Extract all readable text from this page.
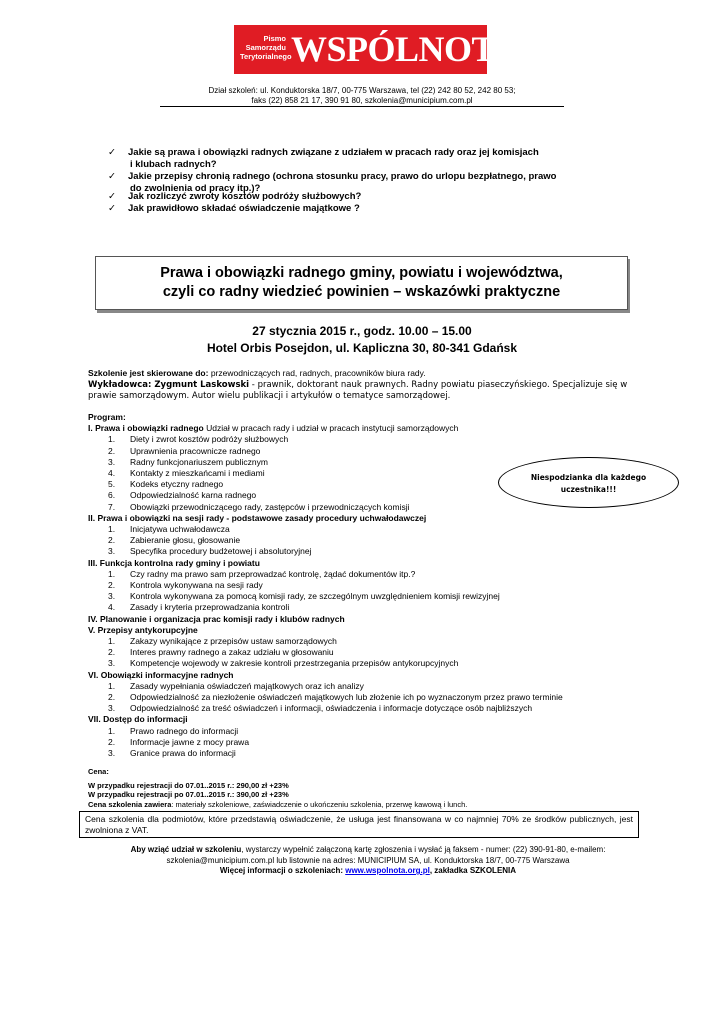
Pismo
Samorządu
Terytorialnego WSPÓLNOTA
Dział szkoleń: ul. Konduktorska 18/7, 00-775 Warszawa, tel (22) 242 80 52, 242 80 53;
faks (22) 858 21 17, 390 91 80, szkolenia@municipium.com.pl
✓ Jakie są prawa i obowiązki radnych związane z udziałem w pracach rady oraz jej komisjach
i klubach radnych?
✓ Jakie przepisy chronią radnego (ochrona stosunku pracy, prawo do urlopu bezpłatnego, prawo
do zwolnienia od pracy itp.)?
✓ Jak rozliczyć zwroty kosztów podróży służbowych?
✓ Jak prawidłowo składać oświadczenie majątkowe ?
Prawa i obowiązki radnego gminy, powiatu i województwa,
czyli co radny wiedzieć powinien – wskazówki praktyczne
27 stycznia 2015 r., godz. 10.00 – 15.00
Hotel Orbis Posejdon, ul. Kapliczna 30, 80-341 Gdańsk
Szkolenie jest skierowane do: przewodniczących rad, radnych, pracowników biura rady.
Wykładowca: Zygmunt Laskowski - prawnik, doktorant nauk prawnych. Radny powiatu piaseczyńskiego. Specjalizuje się w prawie samorządowym. Autor wielu publikacji i artykułów o tematyce samorządowej.
Program:
I. Prawa i obowiązki radnego Udział w pracach rady i udział w pracach instytucji samorządowych
1. Diety i zwrot kosztów podróży służbowych
2. Uprawnienia pracownicze radnego
3. Radny funkcjonariuszem publicznym
4. Kontakty z mieszkańcami i mediami
5. Kodeks etyczny radnego
6. Odpowiedzialność karna radnego
7. Obowiązki przewodniczącego rady, zastępców i przewodniczących komisji
II. Prawa i obowiązki na sesji rady - podstawowe zasady procedury uchwałodawczej
1. Inicjatywa uchwałodawcza
2. Zabieranie głosu, głosowanie
3. Specyfika procedury budżetowej i absolutoryjnej
III. Funkcja kontrolna rady gminy i powiatu
1. Czy radny ma prawo sam przeprowadzać kontrolę, żądać dokumentów itp.?
2. Kontrola wykonywana na sesji rady
3. Kontrola wykonywana za pomocą komisji rady, ze szczególnym uwzględnieniem komisji rewizyjnej
4. Zasady i kryteria przeprowadzania kontroli
IV. Planowanie i organizacja prac komisji rady i klubów radnych
V. Przepisy antykorupcyjne
1. Zakazy wynikające z przepisów ustaw samorządowych
2. Interes prawny radnego a zakaz udziału w głosowaniu
3. Kompetencje wojewody w zakresie kontroli przestrzegania przepisów antykorupcyjnych
VI. Obowiązki informacyjne radnych
1. Zasady wypełniania oświadczeń majątkowych oraz ich analizy
2. Odpowiedzialność za niezłożenie oświadczeń majątkowych lub złożenie ich po wyznaczonym przez prawo terminie
3. Odpowiedzialność za treść oświadczeń i informacji, oświadczenia i informacje dotyczące osób najbliższych
VII. Dostęp do informacji
1. Prawo radnego do informacji
2. Informacje jawne z mocy prawa
3. Granice prawa do informacji
Niespodzianka dla każdego
uczestnika!!!
Cena:
W przypadku rejestracji do 07.01..2015 r.: 290,00 zł +23%
W przypadku rejestracji po 07.01..2015 r.: 390,00 zł +23%
Cena szkolenia zawiera: materiały szkoleniowe, zaświadczenie o ukończeniu szkolenia, przerwę kawową i lunch.
Cena szkolenia dla podmiotów, które przedstawią oświadczenie, że usługa jest finansowana w co najmniej 70% ze środków publicznych, jest zwolniona z VAT.
Aby wziąć udział w szkoleniu, wystarczy wypełnić załączoną kartę zgłoszenia i wysłać ją faksem - numer: (22) 390-91-80, e-mailem:
szkolenia@municipium.com.pl lub listownie na adres: MUNICIPIUM SA, ul. Konduktorska 18/7, 00-775 Warszawa
Więcej informacji o szkoleniach: www.wspolnota.org.pl, zakładka SZKOLENIA
